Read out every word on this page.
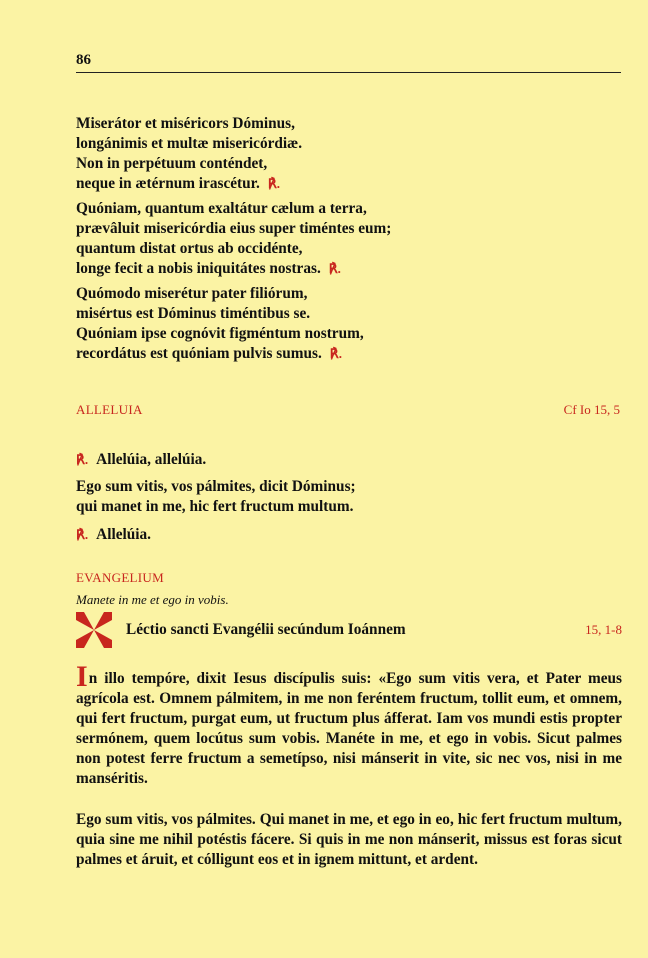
86
Miserátor et miséricors Dóminus,
longánimis et multæ misericórdiæ.
Non in perpétuum conténdet,
neque in ætérnum irascétur. ℟.
Quóniam, quantum exaltátur cælum a terra,
prævâluit misericórdia eius super timéntes eum;
quantum distat ortus ab occidénte,
longe fecit a nobis iniquitátes nostras. ℟.
Quómodo miserétur pater filiórum,
misértus est Dóminus timéntibus se.
Quóniam ipse cognóvit figméntum nostrum,
recordátus est quóniam pulvis sumus. ℟.
ALLELUIA	Cf Io 15, 5
℟. Allelúia, allelúia.
Ego sum vitis, vos pálmites, dicit Dóminus;
qui manet in me, hic fert fructum multum.
℟. Allelúia.
EVANGELIUM
Manete in me et ego in vobis.
Léctio sancti Evangélii secúndum Ioánnem	15, 1-8
In illo tempóre, dixit Iesus discípulis suis: «Ego sum vitis vera, et Pater meus agrícola est. Omnem pálmitem, in me non feréntem fructum, tollit eum, et omnem, qui fert fructum, purgat eum, ut fructum plus áfferat. Iam vos mundi estis propter sermónem, quem locútus sum vobis. Manéte in me, et ego in vobis. Sicut palmes non potest ferre fructum a semetípso, nisi mánserit in vite, sic nec vos, nisi in me manséritis.
Ego sum vitis, vos pálmites. Qui manet in me, et ego in eo, hic fert fructum multum, quia sine me nihil potéstis fácere. Si quis in me non mánserit, missus est foras sicut palmes et áruit, et cólligunt eos et in ignem mittunt, et ardent.
